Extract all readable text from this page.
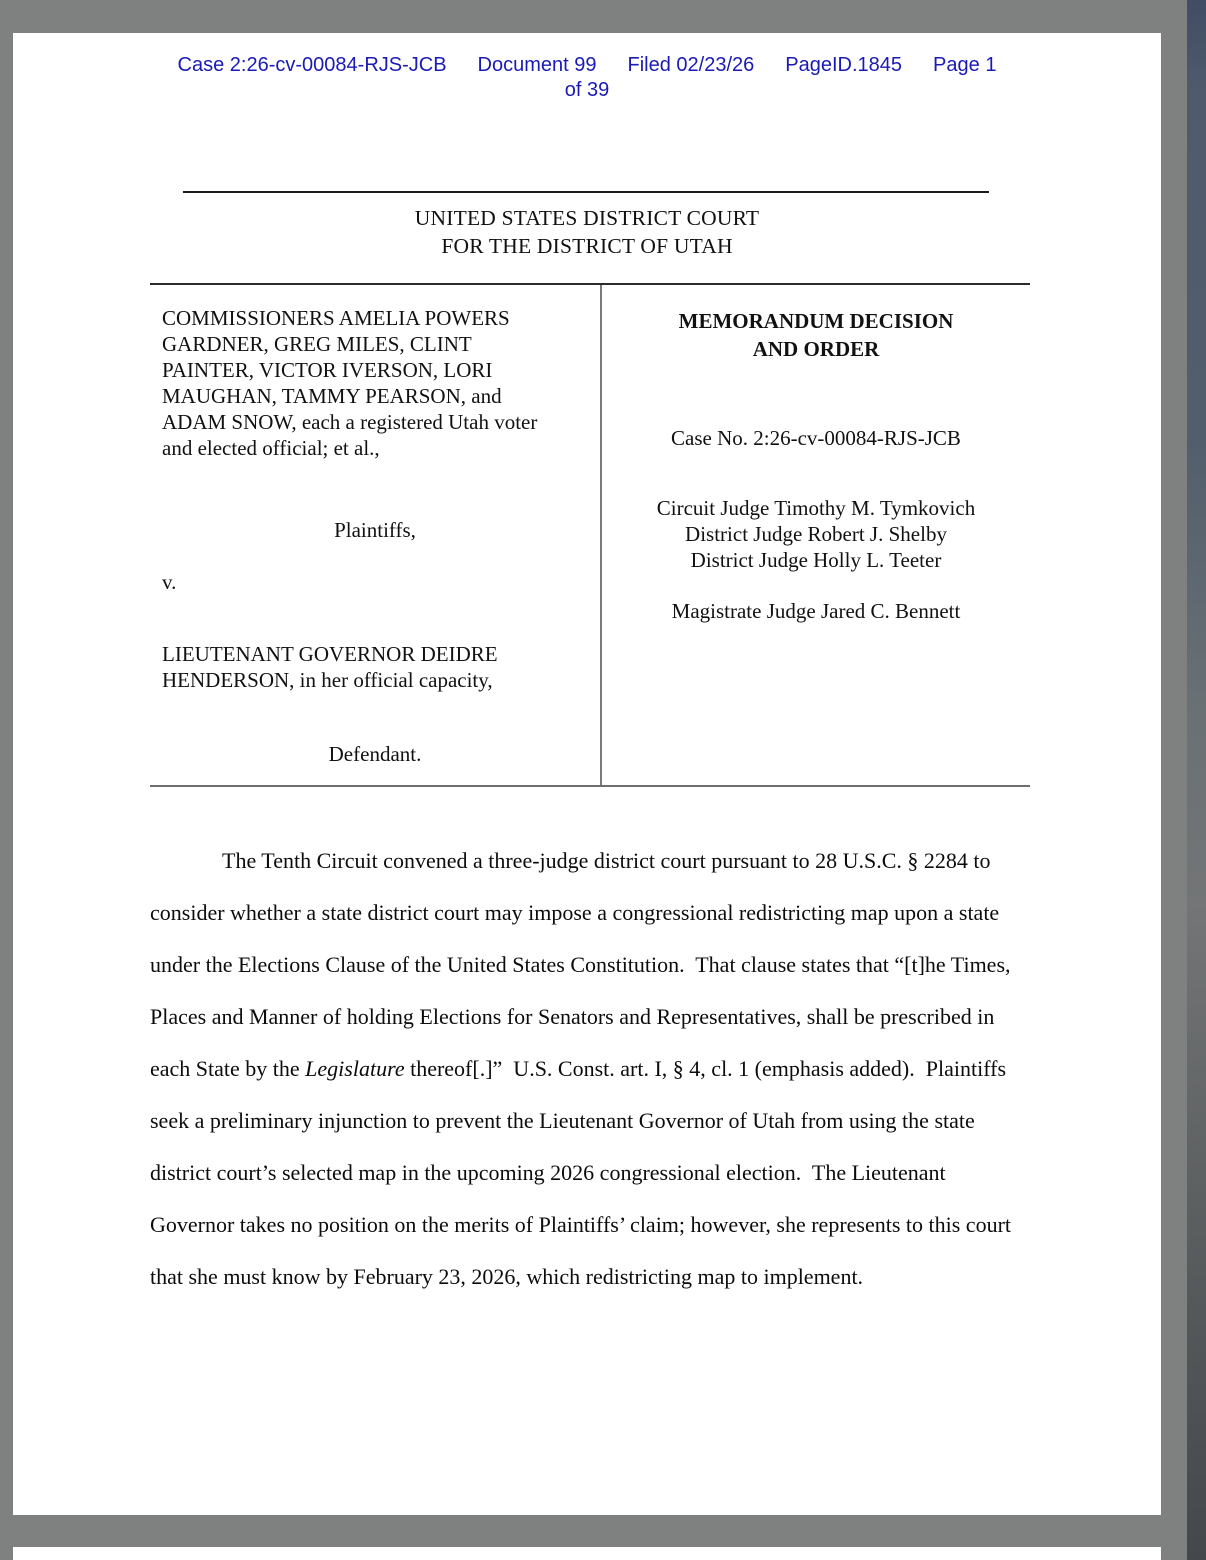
Case 2:26-cv-00084-RJS-JCB Document 99 Filed 02/23/26 PageID.1845 Page 1
of 39
UNITED STATES DISTRICT COURT
FOR THE DISTRICT OF UTAH
COMMISSIONERS AMELIA POWERS GARDNER, GREG MILES, CLINT PAINTER, VICTOR IVERSON, LORI MAUGHAN, TAMMY PEARSON, and ADAM SNOW, each a registered Utah voter and elected official; et al.,
Plaintiffs,
v.
LIEUTENANT GOVERNOR DEIDRE HENDERSON, in her official capacity,
Defendant.
MEMORANDUM DECISION
AND ORDER
Case No. 2:26-cv-00084-RJS-JCB
Circuit Judge Timothy M. Tymkovich
District Judge Robert J. Shelby
District Judge Holly L. Teeter
Magistrate Judge Jared C. Bennett
The Tenth Circuit convened a three-judge district court pursuant to 28 U.S.C. § 2284 to consider whether a state district court may impose a congressional redistricting map upon a state under the Elections Clause of the United States Constitution.  That clause states that “[t]he Times, Places and Manner of holding Elections for Senators and Representatives, shall be prescribed in each State by the Legislature thereof[.]”  U.S. Const. art. I, § 4, cl. 1 (emphasis added).  Plaintiffs seek a preliminary injunction to prevent the Lieutenant Governor of Utah from using the state district court’s selected map in the upcoming 2026 congressional election.  The Lieutenant Governor takes no position on the merits of Plaintiffs’ claim; however, she represents to this court that she must know by February 23, 2026, which redistricting map to implement.
